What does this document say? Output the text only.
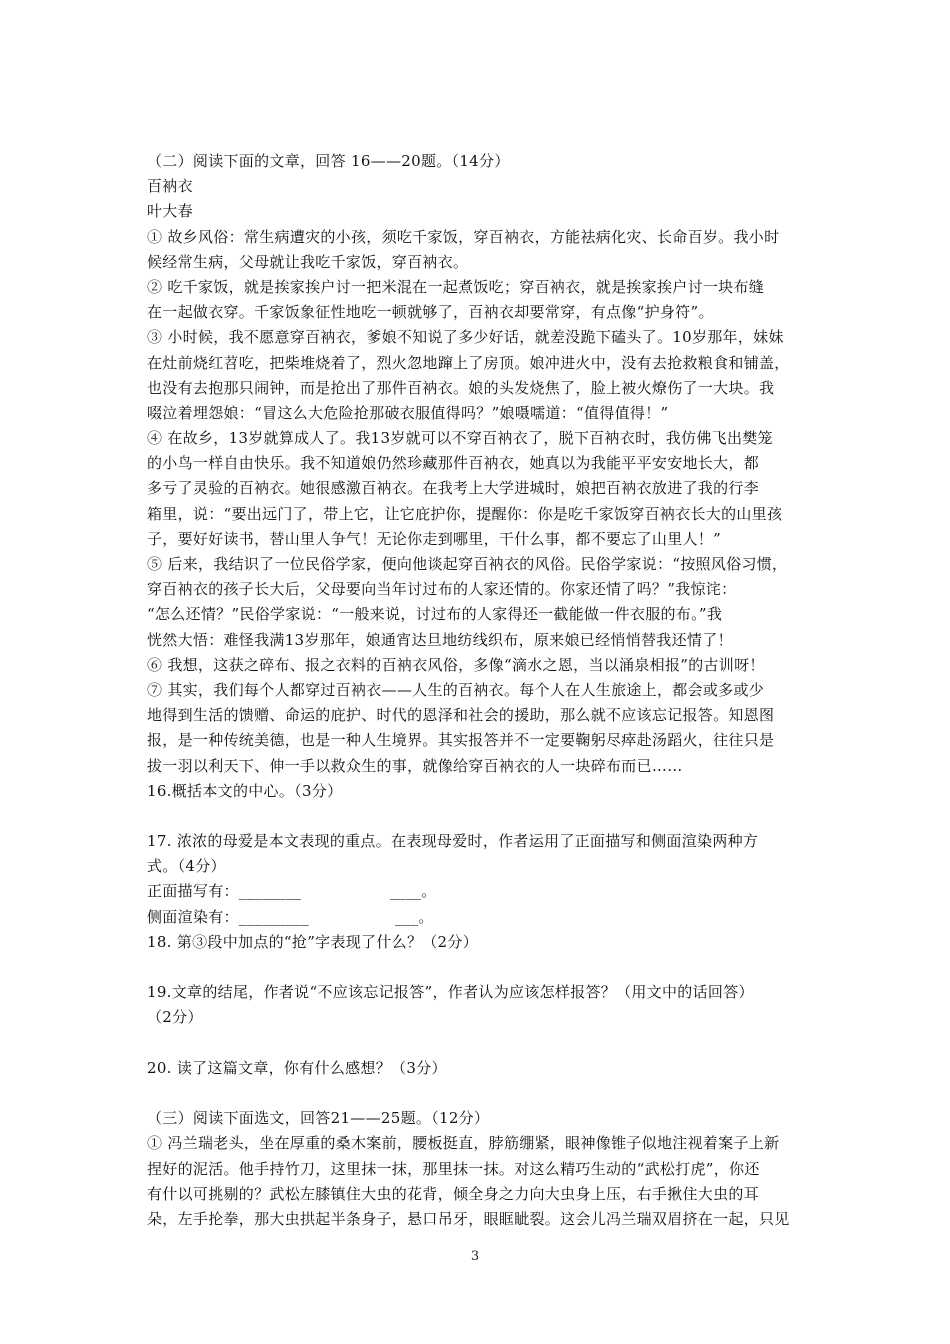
（二）阅读下面的文章，回答 16——20题。（14分）
百衲衣
叶大春
① 故乡风俗：常生病遭灾的小孩，须吃千家饭，穿百衲衣，方能祛病化灾、长命百岁。我小时
候经常生病，父母就让我吃千家饭，穿百衲衣。
② 吃千家饭，就是挨家挨户讨一把米混在一起煮饭吃；穿百衲衣，就是挨家挨户讨一块布缝
在一起做衣穿。千家饭象征性地吃一顿就够了，百衲衣却要常穿，有点像“护身符”。
③ 小时候，我不愿意穿百衲衣，爹娘不知说了多少好话，就差没跪下磕头了。10岁那年，妹妹
在灶前烧红苕吃，把柴堆烧着了，烈火忽地蹿上了房顶。娘冲进火中，没有去抢救粮食和铺盖，
也没有去抱那只闹钟，而是抢出了那件百衲衣。娘的头发烧焦了，脸上被火燎伤了一大块。我
啜泣着埋怨娘：“冒这么大危险抢那破衣服值得吗？”娘嗫嚅道：“值得值得！”
④ 在故乡，13岁就算成人了。我13岁就可以不穿百衲衣了，脱下百衲衣时，我仿佛飞出樊笼
的小鸟一样自由快乐。我不知道娘仍然珍藏那件百衲衣，她真以为我能平平安安地长大，都
多亏了灵验的百衲衣。她很感激百衲衣。在我考上大学进城时，娘把百衲衣放进了我的行李
箱里，说：“要出远门了，带上它，让它庇护你，提醒你：你是吃千家饭穿百衲衣长大的山里孩
子，要好好读书，替山里人争气！无论你走到哪里，干什么事，都不要忘了山里人！”
⑤ 后来，我结识了一位民俗学家，便向他谈起穿百衲衣的风俗。民俗学家说：“按照风俗习惯，
穿百衲衣的孩子长大后，父母要向当年讨过布的人家还情的。你家还情了吗？”我惊诧：
“怎么还情？”民俗学家说：“一般来说，讨过布的人家得还一截能做一件衣服的布。”我
恍然大悟：难怪我满13岁那年，娘通宵达旦地纺线织布，原来娘已经悄悄替我还情了！
⑥ 我想，这获之碎布、报之衣料的百衲衣风俗，多像“滴水之恩，当以涌泉相报”的古训呀！
⑦ 其实，我们每个人都穿过百衲衣——人生的百衲衣。每个人在人生旅途上，都会或多或少
地得到生活的馈赠、命运的庇护、时代的恩泽和社会的援助，那么就不应该忘记报答。知恩图
报，是一种传统美德，也是一种人生境界。其实报答并不一定要鞠躬尽瘁赴汤蹈火，往往只是
拔一羽以利天下、伸一手以救众生的事，就像给穿百衲衣的人一块碎布而已……
16.概括本文的中心。（3分）
17. 浓浓的母爱是本文表现的重点。在表现母爱时，作者运用了正面描写和侧面渲染两种方
式。（4分）
正面描写有：________	____。
侧面渲染有：_________	___。
18. 第③段中加点的“抢”字表现了什么？（2分）
19.文章的结尾，作者说“不应该忘记报答”，作者认为应该怎样报答？（用文中的话回答）
（2分）
20. 读了这篇文章，你有什么感想？（3分）
（三）阅读下面选文，回答21——25题。（12分）
① 冯兰瑞老头，坐在厚重的桑木案前，腰板挺直，脖筋绷紧，眼神像锥子似地注视着案子上新
捏好的泥活。他手持竹刀，这里抹一抹，那里抹一抹。对这么精巧生动的“武松打虎”，你还
有什以可挑剔的？武松左膝镇住大虫的花背，倾全身之力向大虫身上压，右手揪住大虫的耳
朵，左手抡拳，那大虫拱起半条身子，悬口吊牙，眼眶眦裂。这会儿冯兰瑞双眉挤在一起，只见
3
